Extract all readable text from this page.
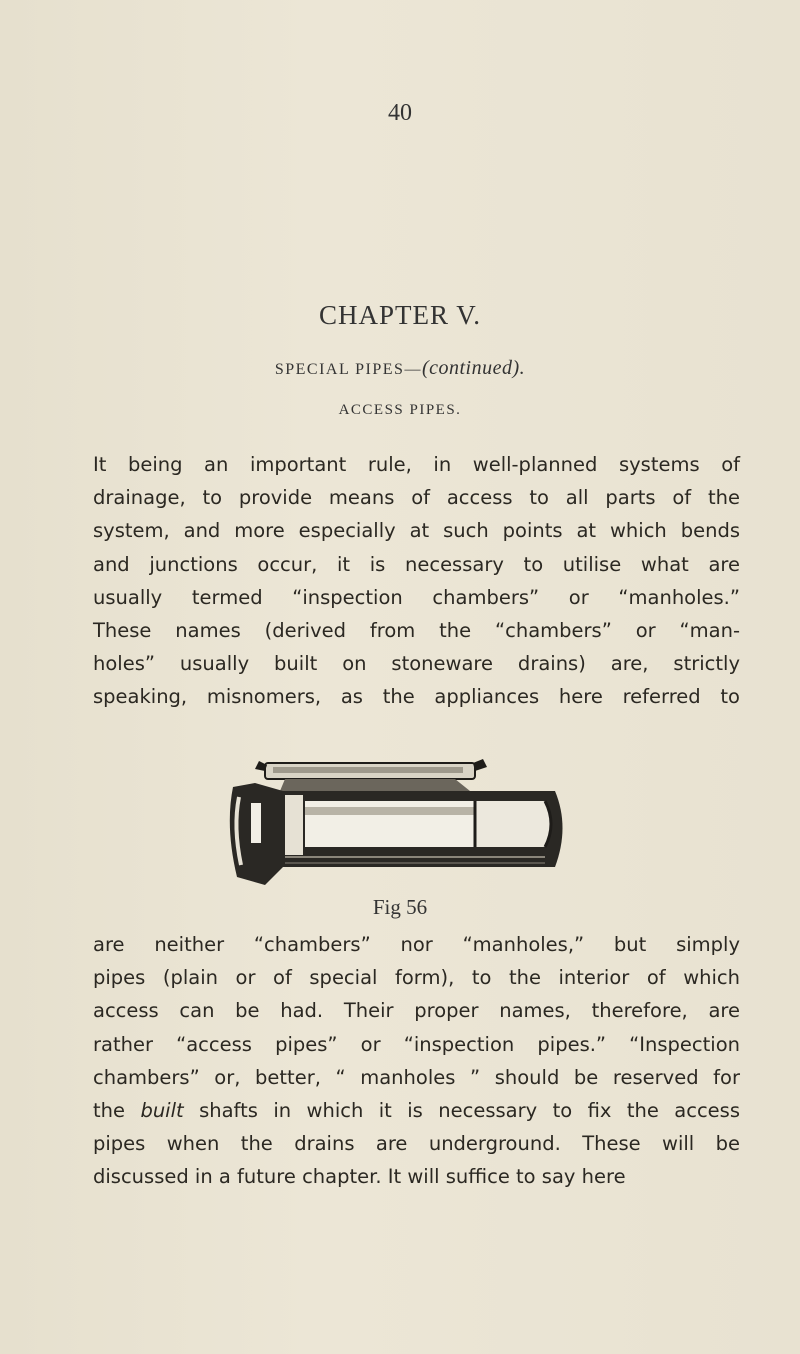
40
CHAPTER V.
SPECIAL PIPES—(continued).
ACCESS PIPES.
It being an important rule, in well-planned systems of
drainage, to provide means of access to all parts of the
system, and more especially at such points at which bends
and junctions occur, it is necessary to utilise what are
usually termed “inspection chambers” or “manholes.”
These names (derived from the “chambers” or “man-
holes” usually built on stoneware drains) are, strictly
speaking, misnomers, as the appliances here referred to
Fig 56
are neither “chambers” nor “manholes,” but simply
pipes (plain or of special form), to the interior of which
access can be had. Their proper names, therefore, are
rather “access pipes” or “inspection pipes.” “Inspection
chambers” or, better, “ manholes ” should be reserved for
the built shafts in which it is necessary to fix the access
pipes when the drains are underground. These will be
discussed in a future chapter. It will suffice to say here
